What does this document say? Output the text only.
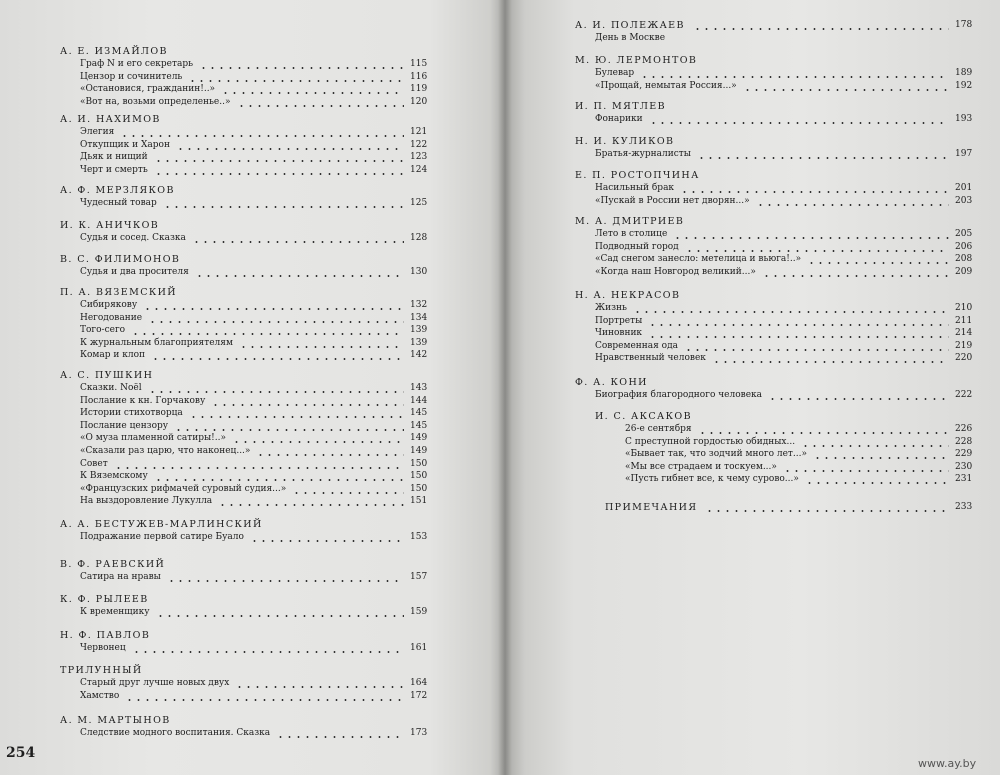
А. Е. ИЗМАЙЛОВ
Граф N и его секретарь	115
Цензор и сочинитель	116
«Остановися, гражданин!..»	119
«Вот на, возьми определенье..»	120
А. И. НАХИМОВ
Элегия	121
Откупщик и Харон	122
Дьяк и нищий	123
Черт и смерть	124
А. Ф. МЕРЗЛЯКОВ
Чудесный товар	125
И. К. АНИЧКОВ
Судья и сосед. Сказка	128
В. С. ФИЛИМОНОВ
Судья и два просителя	130
П. А. ВЯЗЕМСКИЙ
Сибирякову	132
Негодование	134
Того-сего	139
К журнальным благоприятелям	139
Комар и клоп	142
А. С. ПУШКИН
Сказки. Noël	143
Послание к кн. Горчакову	144
Истории стихотворца	145
Послание цензору	145
«О муза пламенной сатиры!..»	149
«Сказали раз царю, что наконец...»	149
Совет	150
К Вяземскому	150
«Французских рифмачей суровый судия...»	150
На выздоровление Лукулла	151
А. А. БЕСТУЖЕВ-МАРЛИНСКИЙ
Подражание первой сатире Буало	153
В. Ф. РАЕВСКИЙ
Сатира на нравы	157
К. Ф. РЫЛЕЕВ
К временщику	159
Н. Ф. ПАВЛОВ
Червонец	161
ТРИЛУННЫЙ
Старый друг лучше новых двух	164
Хамство	172
А. М. МАРТЫНОВ
Следствие модного воспитания. Сказка	173
А. И. ПОЛЕЖАЕВ	178
День в Москве
М. Ю. ЛЕРМОНТОВ
Булевар	189
«Прощай, немытая Россия...»	192
И. П. МЯТЛЕВ
Фонарики	193
Н. И. КУЛИКОВ
Братья-журналисты	197
Е. П. РОСТОПЧИНА
Насильный брак	201
«Пускай в России нет дворян...»	203
М. А. ДМИТРИЕВ
Лето в столице	205
Подводный город	206
«Сад снегом занесло: метелица и вьюга!..»	208
«Когда наш Новгород великий...»	209
Н. А. НЕКРАСОВ
Жизнь	210
Портреты	211
Чиновник	214
Современная ода	219
Нравственный человек	220
Ф. А. КОНИ
Биография благородного человека	222
И. С. АКСАКОВ
26-е сентября	226
С преступной гордостью обидных...	228
«Бывает так, что зодчий много лет...»	229
«Мы все страдаем и тоскуем...»	230
«Пусть гибнет все, к чему сурово...»	231
ПРИМЕЧАНИЯ	233
254
www.ay.by
